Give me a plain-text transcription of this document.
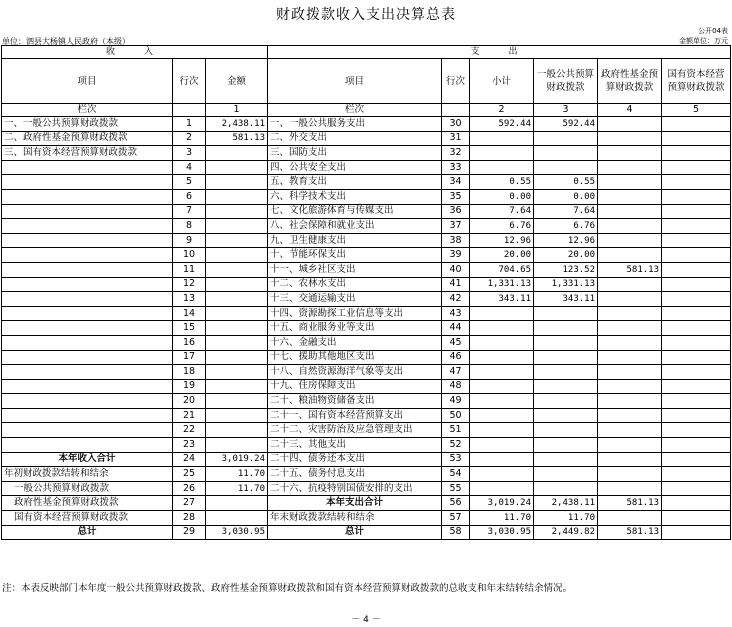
财政拨款收入支出决算总表
公开04表
单位：泗县大杨镇人民政府（本级）	金额单位：万元
收　入			支　出					
项目	行次	金额	项目	行次	小计	一般公共预算财政拨款	政府性基金预算财政拨款	国有资本经营预算财政拨款
栏次		1	栏次		2	3	4	5
一、一般公共预算财政拨款	1	2,438.11	一、一般公共服务支出	30	592.44	592.44		
二、政府性基金预算财政拨款	2	581.13	二、外交支出	31				
三、国有资本经营预算财政拨款	3		三、国防支出	32				
	4		四、公共安全支出	33				
	5		五、教育支出	34	0.55	0.55		
	6		六、科学技术支出	35	0.00	0.00		
	7		七、文化旅游体育与传媒支出	36	7.64	7.64		
	8		八、社会保障和就业支出	37	6.76	6.76		
	9		九、卫生健康支出	38	12.96	12.96		
	10		十、节能环保支出	39	20.00	20.00		
	11		十一、城乡社区支出	40	704.65	123.52	581.13	
	12		十二、农林水支出	41	1,331.13	1,331.13		
	13		十三、交通运输支出	42	343.11	343.11		
	14		十四、资源勘探工业信息等支出	43				
	15		十五、商业服务业等支出	44				
	16		十六、金融支出	45				
	17		十七、援助其他地区支出	46				
	18		十八、自然资源海洋气象等支出	47				
	19		十九、住房保障支出	48				
	20		二十、粮油物资储备支出	49				
	21		二十一、国有资本经营预算支出	50				
	22		二十二、灾害防治及应急管理支出	51				
	23		二十三、其他支出	52				
本年收入合计	24	3,019.24	二十四、债务还本支出	53				
年初财政拨款结转和结余	25	11.70	二十五、债务付息支出	54				
一般公共预算财政拨款	26	11.70	二十六、抗疫特别国债安排的支出	55				
政府性基金预算财政拨款	27		本年支出合计	56	3,019.24	2,438.11	581.13	
国有资本经营预算财政拨款	28		年末财政拨款结转和结余	57	11.70	11.70		
总计	29	3,030.95	总计	58	3,030.95	2,449.82	581.13	
注：本表反映部门本年度一般公共预算财政拨款、政府性基金预算财政拨款和国有资本经营预算财政拨款的总收支和年末结转结余情况。
－ 4 －
